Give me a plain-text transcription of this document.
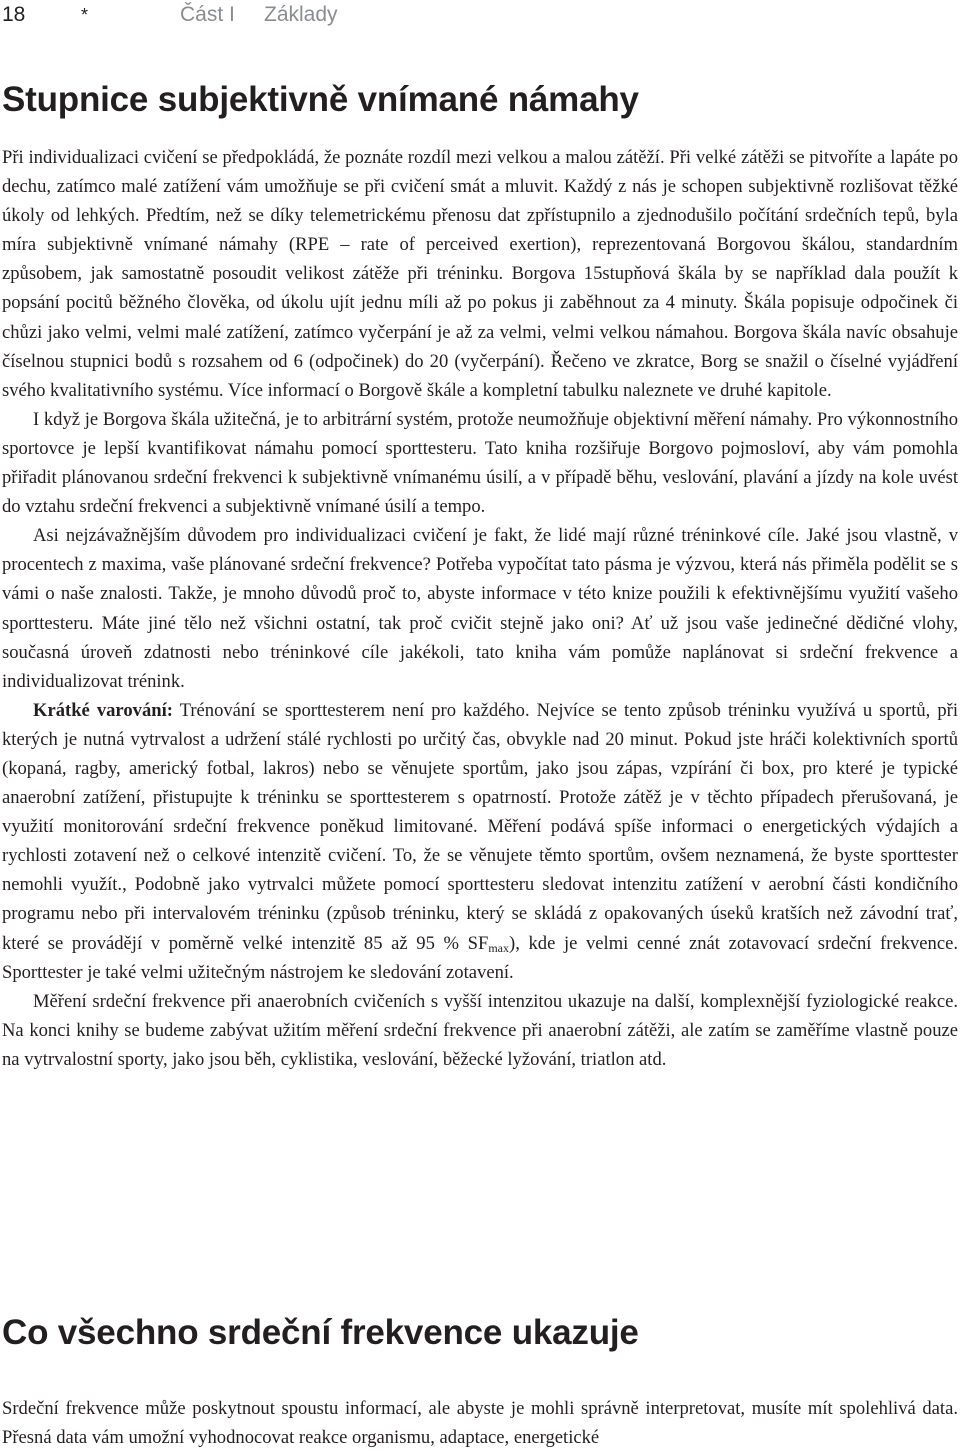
18	*	Část I Základy
Stupnice subjektivně vnímané námahy

Při individualizaci cvičení se předpokládá, že poznáte rozdíl mezi velkou a malou zátěží. Při velké zátěži se pitvoříte a lapáte po dechu, zatímco malé zatížení vám umožňuje se při cvičení smát a mluvit. Každý z nás je schopen subjektivně rozlišovat těžké úkoly od lehkých. Předtím, než se díky telemetrickému přenosu dat zpřístupnilo a zjednodušilo počítání srdečních tepů, byla míra subjektivně vnímané námahy (RPE – rate of perceived exertion), reprezentovaná Borgovou škálou, standardním způsobem, jak samostatně posoudit velikost zátěže při tréninku. Borgova 15stupňová škála by se například dala použít k popsání pocitů běžného člověka, od úkolu ujít jednu míli až po pokus ji zaběhnout za 4 minuty. Škála popisuje odpočinek či chůzi jako velmi, velmi malé zatížení, zatímco vyčerpání je až za velmi, velmi velkou námahou. Borgova škála navíc obsahuje číselnou stupnici bodů s rozsahem od 6 (odpočinek) do 20 (vyčerpání). Řečeno ve zkratce, Borg se snažil o číselné vyjádření svého kvalitativního systému. Více informací o Borgově škále a kompletní tabulku naleznete ve druhé kapitole.

I když je Borgova škála užitečná, je to arbitrární systém, protože neumožňuje objektivní měření námahy. Pro výkonnostního sportovce je lepší kvantifikovat námahu pomocí sporttesteru. Tato kniha rozšiřuje Borgovo pojmosloví, aby vám pomohla přiřadit plánovanou srdeční frekvenci k subjektivně vnímanému úsilí, a v případě běhu, veslování, plavání a jízdy na kole uvést do vztahu srdeční frekvenci a subjektivně vnímané úsilí a tempo.

Asi nejzávažnějším důvodem pro individualizaci cvičení je fakt, že lidé mají různé tréninkové cíle. Jaké jsou vlastně, v procentech z maxima, vaše plánované srdeční frekvence? Potřeba vypočítat tato pásma je výzvou, která nás přiměla podělit se s vámi o naše znalosti. Takže, je mnoho důvodů proč to, abyste informace v této knize použili k efektivnějšímu využití vašeho sporttesteru. Máte jiné tělo než všichni ostatní, tak proč cvičit stejně jako oni? Ať už jsou vaše jedinečné dědičné vlohy, současná úroveň zdatnosti nebo tréninkové cíle jakékoli, tato kniha vám pomůže naplánovat si srdeční frekvence a individualizovat trénink.

Krátké varování: Trénování se sporttesterem není pro každého. Nejvíce se tento způsob tréninku využívá u sportů, při kterých je nutná vytrvalost a udržení stálé rychlosti po určitý čas, obvykle nad 20 minut. Pokud jste hráči kolektivních sportů (kopaná, ragby, americký fotbal, lakros) nebo se věnujete sportům, jako jsou zápas, vzpírání či box, pro které je typické anaerobní zatížení, přistupujte k tréninku se sporttesterem s opatrností. Protože zátěž je v těchto případech přerušovaná, je využití monitorování srdeční frekvence poněkud limitované. Měření podává spíše informaci o energetických výdajích a rychlosti zotavení než o celkové intenzitě cvičení. To, že se věnujete těmto sportům, ovšem neznamená, že byste sporttester nemohli využít., Podobně jako vytrvalci můžete pomocí sporttesteru sledovat intenzitu zatížení v aerobní části kondičního programu nebo při intervalovém tréninku (způsob tréninku, který se skládá z opakovaných úseků kratších než závodní trať, které se provádějí v poměrně velké intenzitě 85 až 95 % $SF_{max}$), kde je velmi cenné znát zotavovací srdeční frekvence. Sporttester je také velmi užitečným nástrojem ke sledování zotavení.

Měření srdeční frekvence při anaerobních cvičeních s vyšší intenzitou ukazuje na další, komplexnější fyziologické reakce. Na konci knihy se budeme zabývat užitím měření srdeční frekvence při anaerobní zátěži, ale zatím se zaměříme vlastně pouze na vytrvalostní sporty, jako jsou běh, cyklistika, veslování, běžecké lyžování, triatlon atd.

Co všechno srdeční frekvence ukazuje

Srdeční frekvence může poskytnout spoustu informací, ale abyste je mohli správně interpretovat, musíte mít spolehlivá data. Přesná data vám umožní vyhodnocovat reakce organismu, adaptace, energetické
